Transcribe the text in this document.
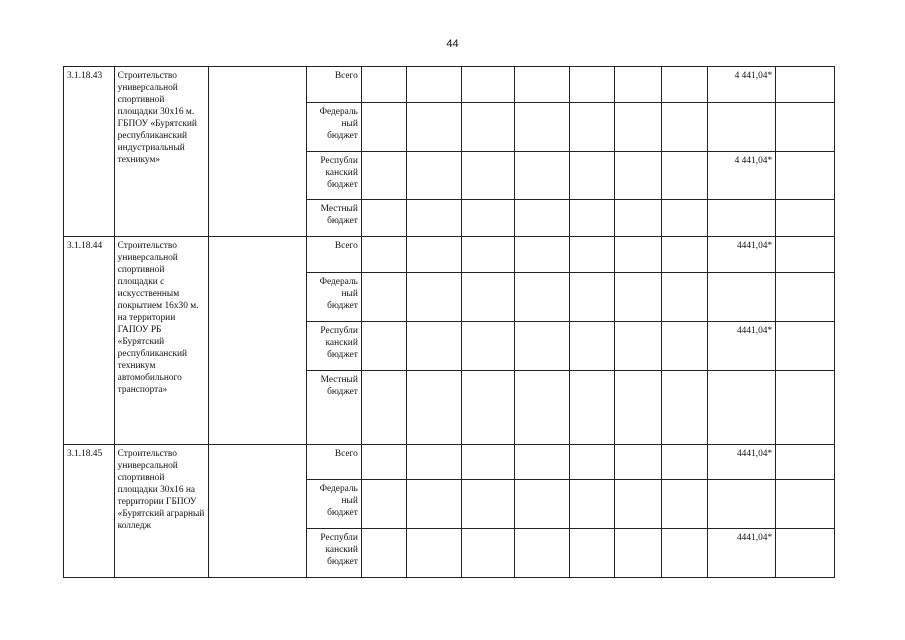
44
3.1.18.43	Строительство универсальной спортивной площадки 30х16 м. ГБПОУ «Бурятский республиканский индустриальный техникум»		Всего								4 441,04*	
			Федераль
ный
бюджет									
			Республи
канский
бюджет								4 441,04*	
			Местный
бюджет									
3.1.18.44	Строительство универсальной спортивной площадки с искусственным покрытием 16х30 м. на территории ГАПОУ РБ «Бурятский республиканский техникум автомобильного транспорта»		Всего								4441,04*	
			Федераль
ный
бюджет									
			Республи
канский
бюджет								4441,04*	
			Местный
бюджет									
3.1.18.45	Строительство универсальной спортивной площадки 30х16 на территории ГБПОУ «Бурятский аграрный колледж		Всего								4441,04*	
			Федераль
ный
бюджет									
			Республи
канский
бюджет								4441,04*	
